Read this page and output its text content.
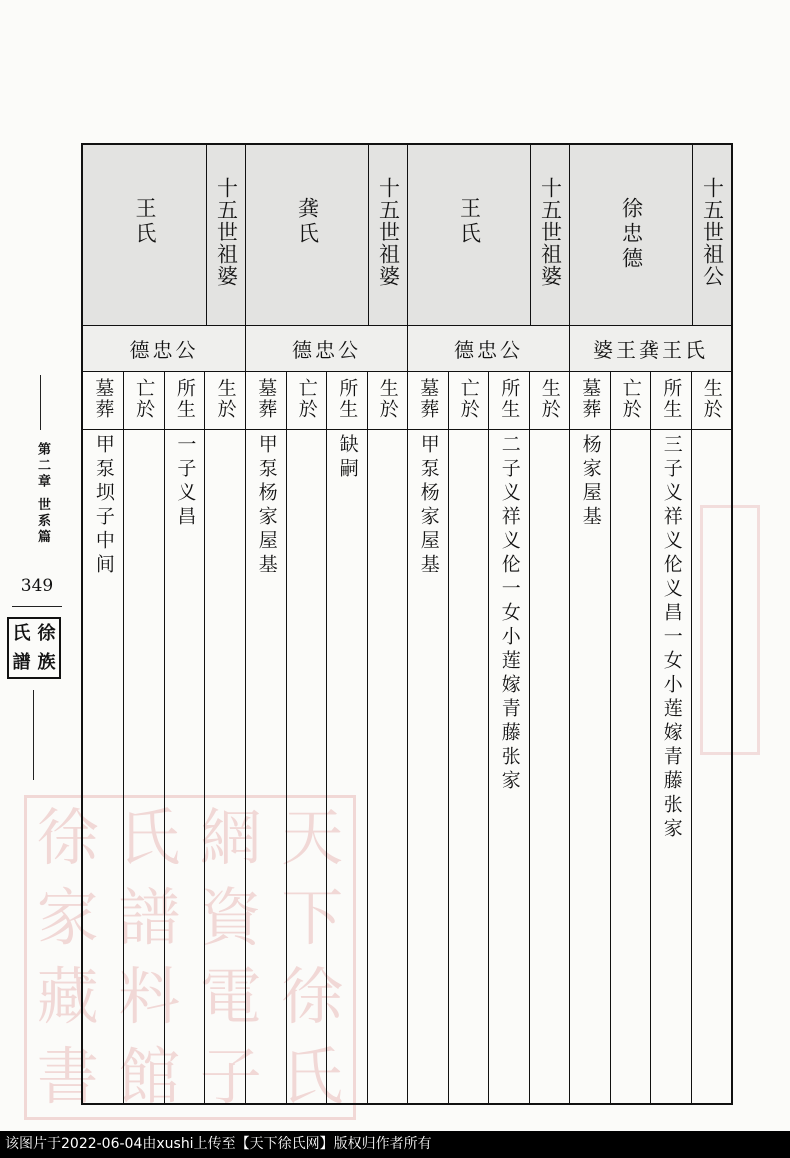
徐 氏 網 天
家 譜 資 下
藏 料 電 徐
書 館 子 氏
第二章 世系篇
349
徐
氏
族
譜
十五世祖公
徐忠德
婆王龚王氏
生於
所生
三子义祥义伦义昌一女小莲嫁青藤张家
亡於
墓葬
杨家屋基
十五世祖婆
王氏
德忠公
生於
所生
二子义祥义伦一女小莲嫁青藤张家
亡於
墓葬
甲泵杨家屋基
十五世祖婆
龚氏
德忠公
生於
所生
缺嗣
亡於
墓葬
甲泵杨家屋基
十五世祖婆
王氏
德忠公
生於
所生
一子义昌
亡於
墓葬
甲泵坝子中间
该图片于2022-06-04由xushi上传至【天下徐氏网】版权归作者所有
